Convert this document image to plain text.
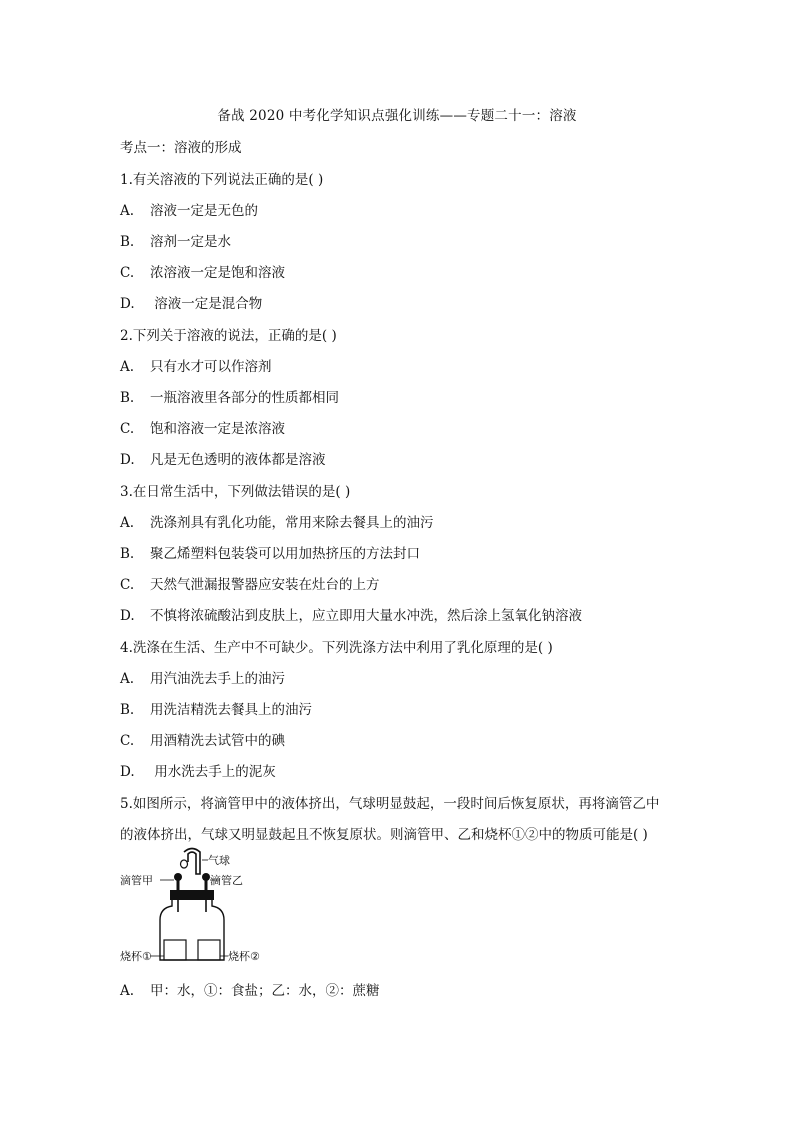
备战 2020 中考化学知识点强化训练——专题二十一：溶液
考点一：溶液的形成
1.有关溶液的下列说法正确的是( )
A. 溶液一定是无色的
B. 溶剂一定是水
C. 浓溶液一定是饱和溶液
D. 溶液一定是混合物
2.下列关于溶液的说法，正确的是( )
A. 只有水才可以作溶剂
B. 一瓶溶液里各部分的性质都相同
C. 饱和溶液一定是浓溶液
D. 凡是无色透明的液体都是溶液
3.在日常生活中，下列做法错误的是( )
A. 洗涤剂具有乳化功能，常用来除去餐具上的油污
B. 聚乙烯塑料包装袋可以用加热挤压的方法封口
C. 天然气泄漏报警器应安装在灶台的上方
D. 不慎将浓硫酸沾到皮肤上，应立即用大量水冲洗，然后涂上氢氧化钠溶液
4.洗涤在生活、生产中不可缺少。下列洗涤方法中利用了乳化原理的是( )
A. 用汽油洗去手上的油污
B. 用洗洁精洗去餐具上的油污
C. 用酒精洗去试管中的碘
D. 用水洗去手上的泥灰
5.如图所示，将滴管甲中的液体挤出，气球明显鼓起，一段时间后恢复原状，再将滴管乙中
的液体挤出，气球又明显鼓起且不恢复原状。则滴管甲、乙和烧杯①②中的物质可能是( )
气球
滴管甲	滴管乙
烧杯①	烧杯②
A. 甲：水，①：食盐；乙：水，②：蔗糖
